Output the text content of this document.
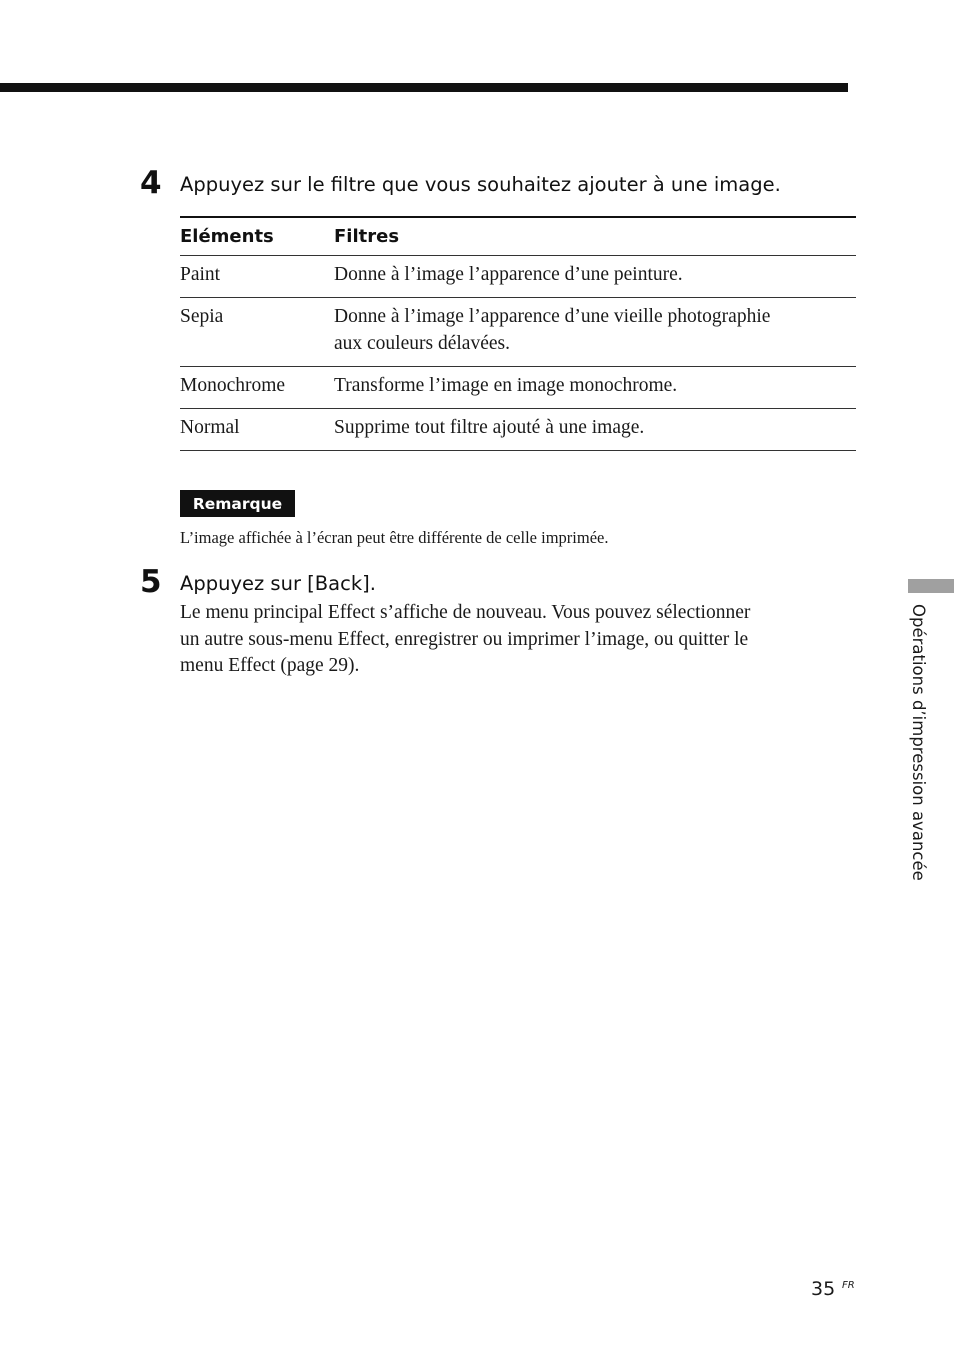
4 Appuyez sur le filtre que vous souhaitez ajouter à une image.
Eléments	Filtres
Paint	Donne à l’image l’apparence d’une peinture.
Sepia	Donne à l’image l’apparence d’une vieille photographie
aux couleurs délavées.
Monochrome	Transforme l’image en image monochrome.
Normal	Supprime tout filtre ajouté à une image.
Remarque
L’image affichée à l’écran peut être différente de celle imprimée.
5 Appuyez sur [Back].
Le menu principal Effect s’affiche de nouveau. Vous pouvez sélectionner
un autre sous-menu Effect, enregistrer ou imprimer l’image, ou quitter le
menu Effect (page 29).	Opérations d’impression avancée
35 FR
